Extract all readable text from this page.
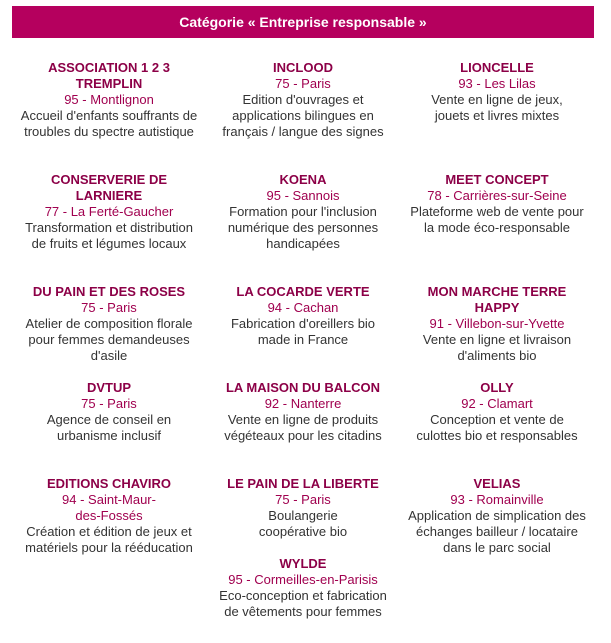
Catégorie « Entreprise responsable »
ASSOCIATION 1 2 3 TREMPLIN
95 - Montlignon
Accueil d'enfants souffrants de troubles du spectre autistique
CONSERVERIE DE LARNIERE
77 - La Ferté-Gaucher
Transformation et distribution de fruits et légumes locaux
DU PAIN ET DES ROSES
75 - Paris
Atelier de composition florale pour femmes demandeuses d'asile
DVTUP
75 - Paris
Agence de conseil en urbanisme inclusif
EDITIONS CHAVIRO
94 - Saint-Maur-des-Fossés
Création et édition de jeux et matériels pour la rééducation
INCLOOD
75 - Paris
Edition d'ouvrages et applications bilingues en français / langue des signes
KOENA
95 - Sannois
Formation pour l'inclusion numérique des personnes handicapées
LA COCARDE VERTE
94 - Cachan
Fabrication d'oreillers bio made in France
LA MAISON DU BALCON
92 - Nanterre
Vente en ligne de produits végéteaux pour les citadins
LE PAIN DE LA LIBERTE
75 - Paris
Boulangerie coopérative bio
WYLDE
95 - Cormeilles-en-Parisis
Eco-conception et fabrication de vêtements pour femmes
LIONCELLE
93 - Les Lilas
Vente en ligne de jeux, jouets et livres mixtes
MEET CONCEPT
78 - Carrières-sur-Seine
Plateforme web de vente pour la mode éco-responsable
MON MARCHE TERRE HAPPY
91 - Villebon-sur-Yvette
Vente en ligne et livraison d'aliments bio
OLLY
92 - Clamart
Conception et vente de culottes bio et responsables
VELIAS
93 - Romainville
Application de simplication des échanges bailleur / locataire dans le parc social
